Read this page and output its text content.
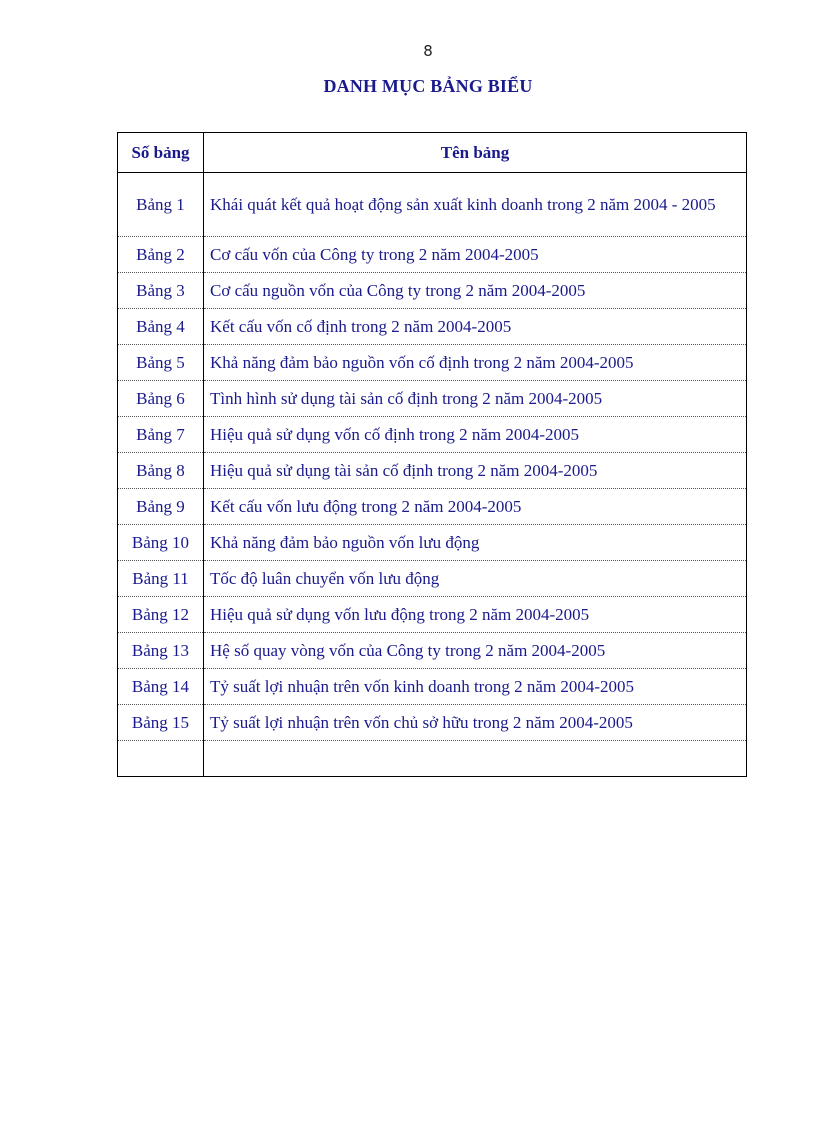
8
DANH MỤC BẢNG BIỂU
Số bảng	Tên bảng
Bảng 1	Khái quát kết quả hoạt động sản xuất kinh doanh trong 2 năm 2004 - 2005
Bảng 2	Cơ cấu vốn của Công ty trong 2 năm 2004-2005
Bảng 3	Cơ cấu nguồn vốn của Công ty trong 2 năm 2004-2005
Bảng 4	Kết cấu vốn cố định trong 2 năm 2004-2005
Bảng 5	Khả năng đảm bảo nguồn vốn cố định trong 2 năm 2004-2005
Bảng 6	Tình hình sử dụng tài sản cố định trong 2 năm 2004-2005
Bảng 7	Hiệu quả sử dụng vốn cố định trong 2 năm 2004-2005
Bảng 8	Hiệu quả sử dụng tài sản cố định trong 2 năm 2004-2005
Bảng 9	Kết cấu vốn lưu động trong 2 năm 2004-2005
Bảng 10	Khả năng đảm bảo nguồn vốn lưu động
Bảng 11	Tốc độ luân chuyển vốn lưu động
Bảng 12	Hiệu quả sử dụng vốn lưu động trong 2 năm 2004-2005
Bảng 13	Hệ số quay vòng vốn của Công ty trong 2 năm 2004-2005
Bảng 14	Tỷ suất lợi nhuận trên vốn kinh doanh trong 2 năm 2004-2005
Bảng 15	Tỷ suất lợi nhuận trên vốn chủ sở hữu trong 2 năm 2004-2005
